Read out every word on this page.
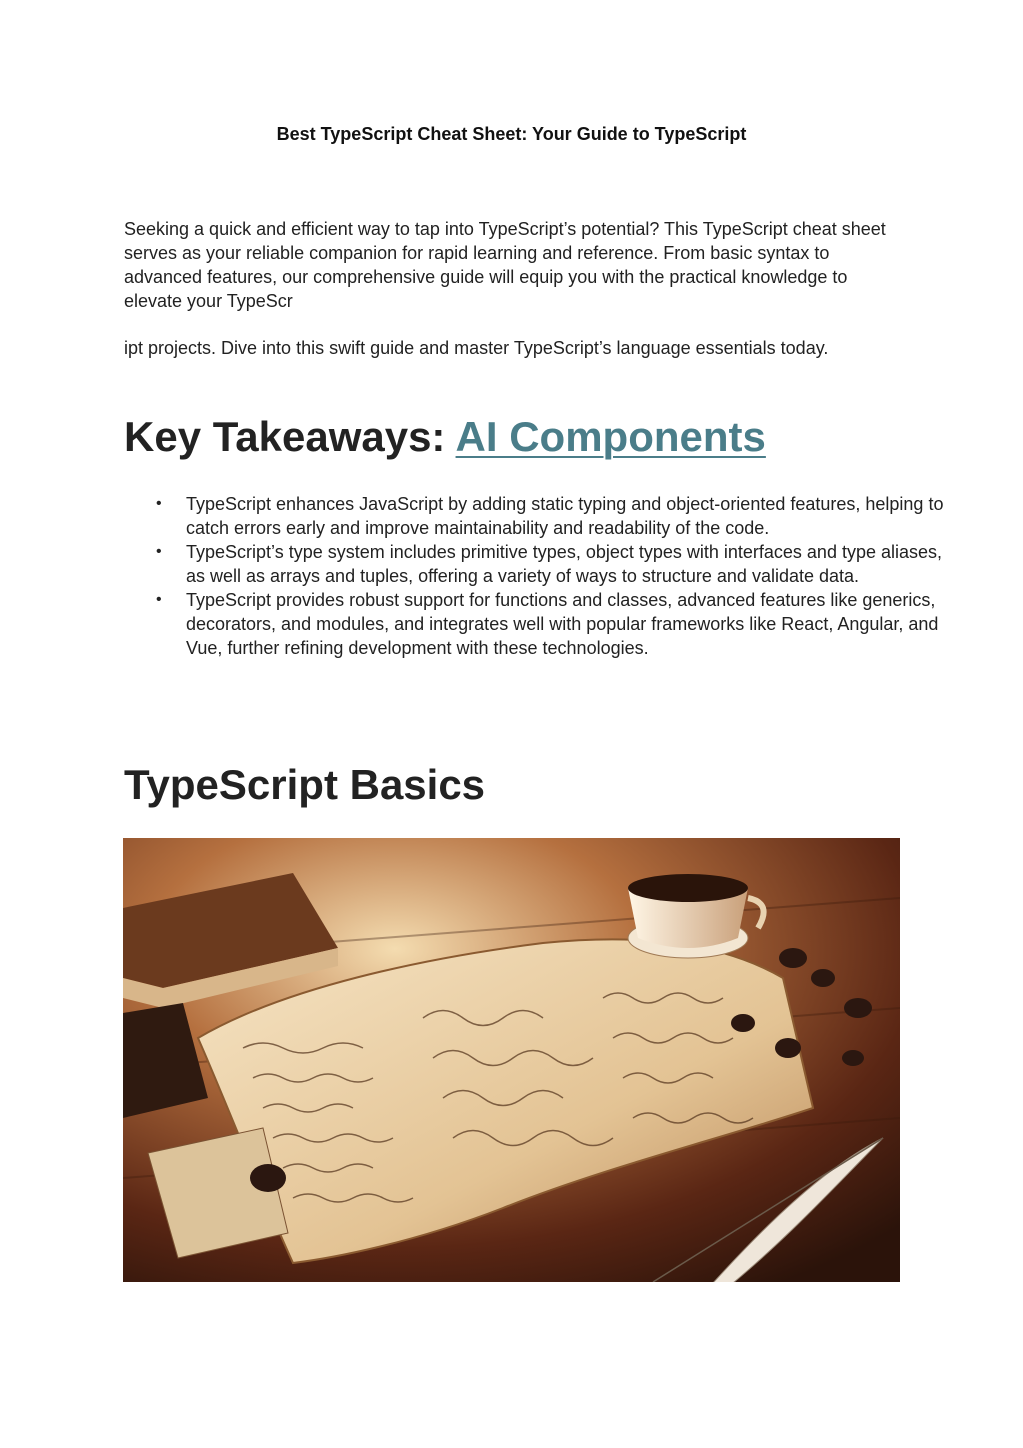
Best TypeScript Cheat Sheet: Your Guide to TypeScript

Seeking a quick and efficient way to tap into TypeScript’s potential? This TypeScript cheat sheet serves as your reliable companion for rapid learning and reference. From basic syntax to advanced features, our comprehensive guide will equip you with the practical knowledge to elevate your TypeScr

ipt projects. Dive into this swift guide and master TypeScript’s language essentials today.

Key Takeaways: AI Components
• TypeScript enhances JavaScript by adding static typing and object-oriented features, helping to catch errors early and improve maintainability and readability of the code.
• TypeScript’s type system includes primitive types, object types with interfaces and type aliases, as well as arrays and tuples, offering a variety of ways to structure and validate data.
• TypeScript provides robust support for functions and classes, advanced features like generics, decorators, and modules, and integrates well with popular frameworks like React, Angular, and Vue, further refining development with these technologies.
TypeScript Basics
